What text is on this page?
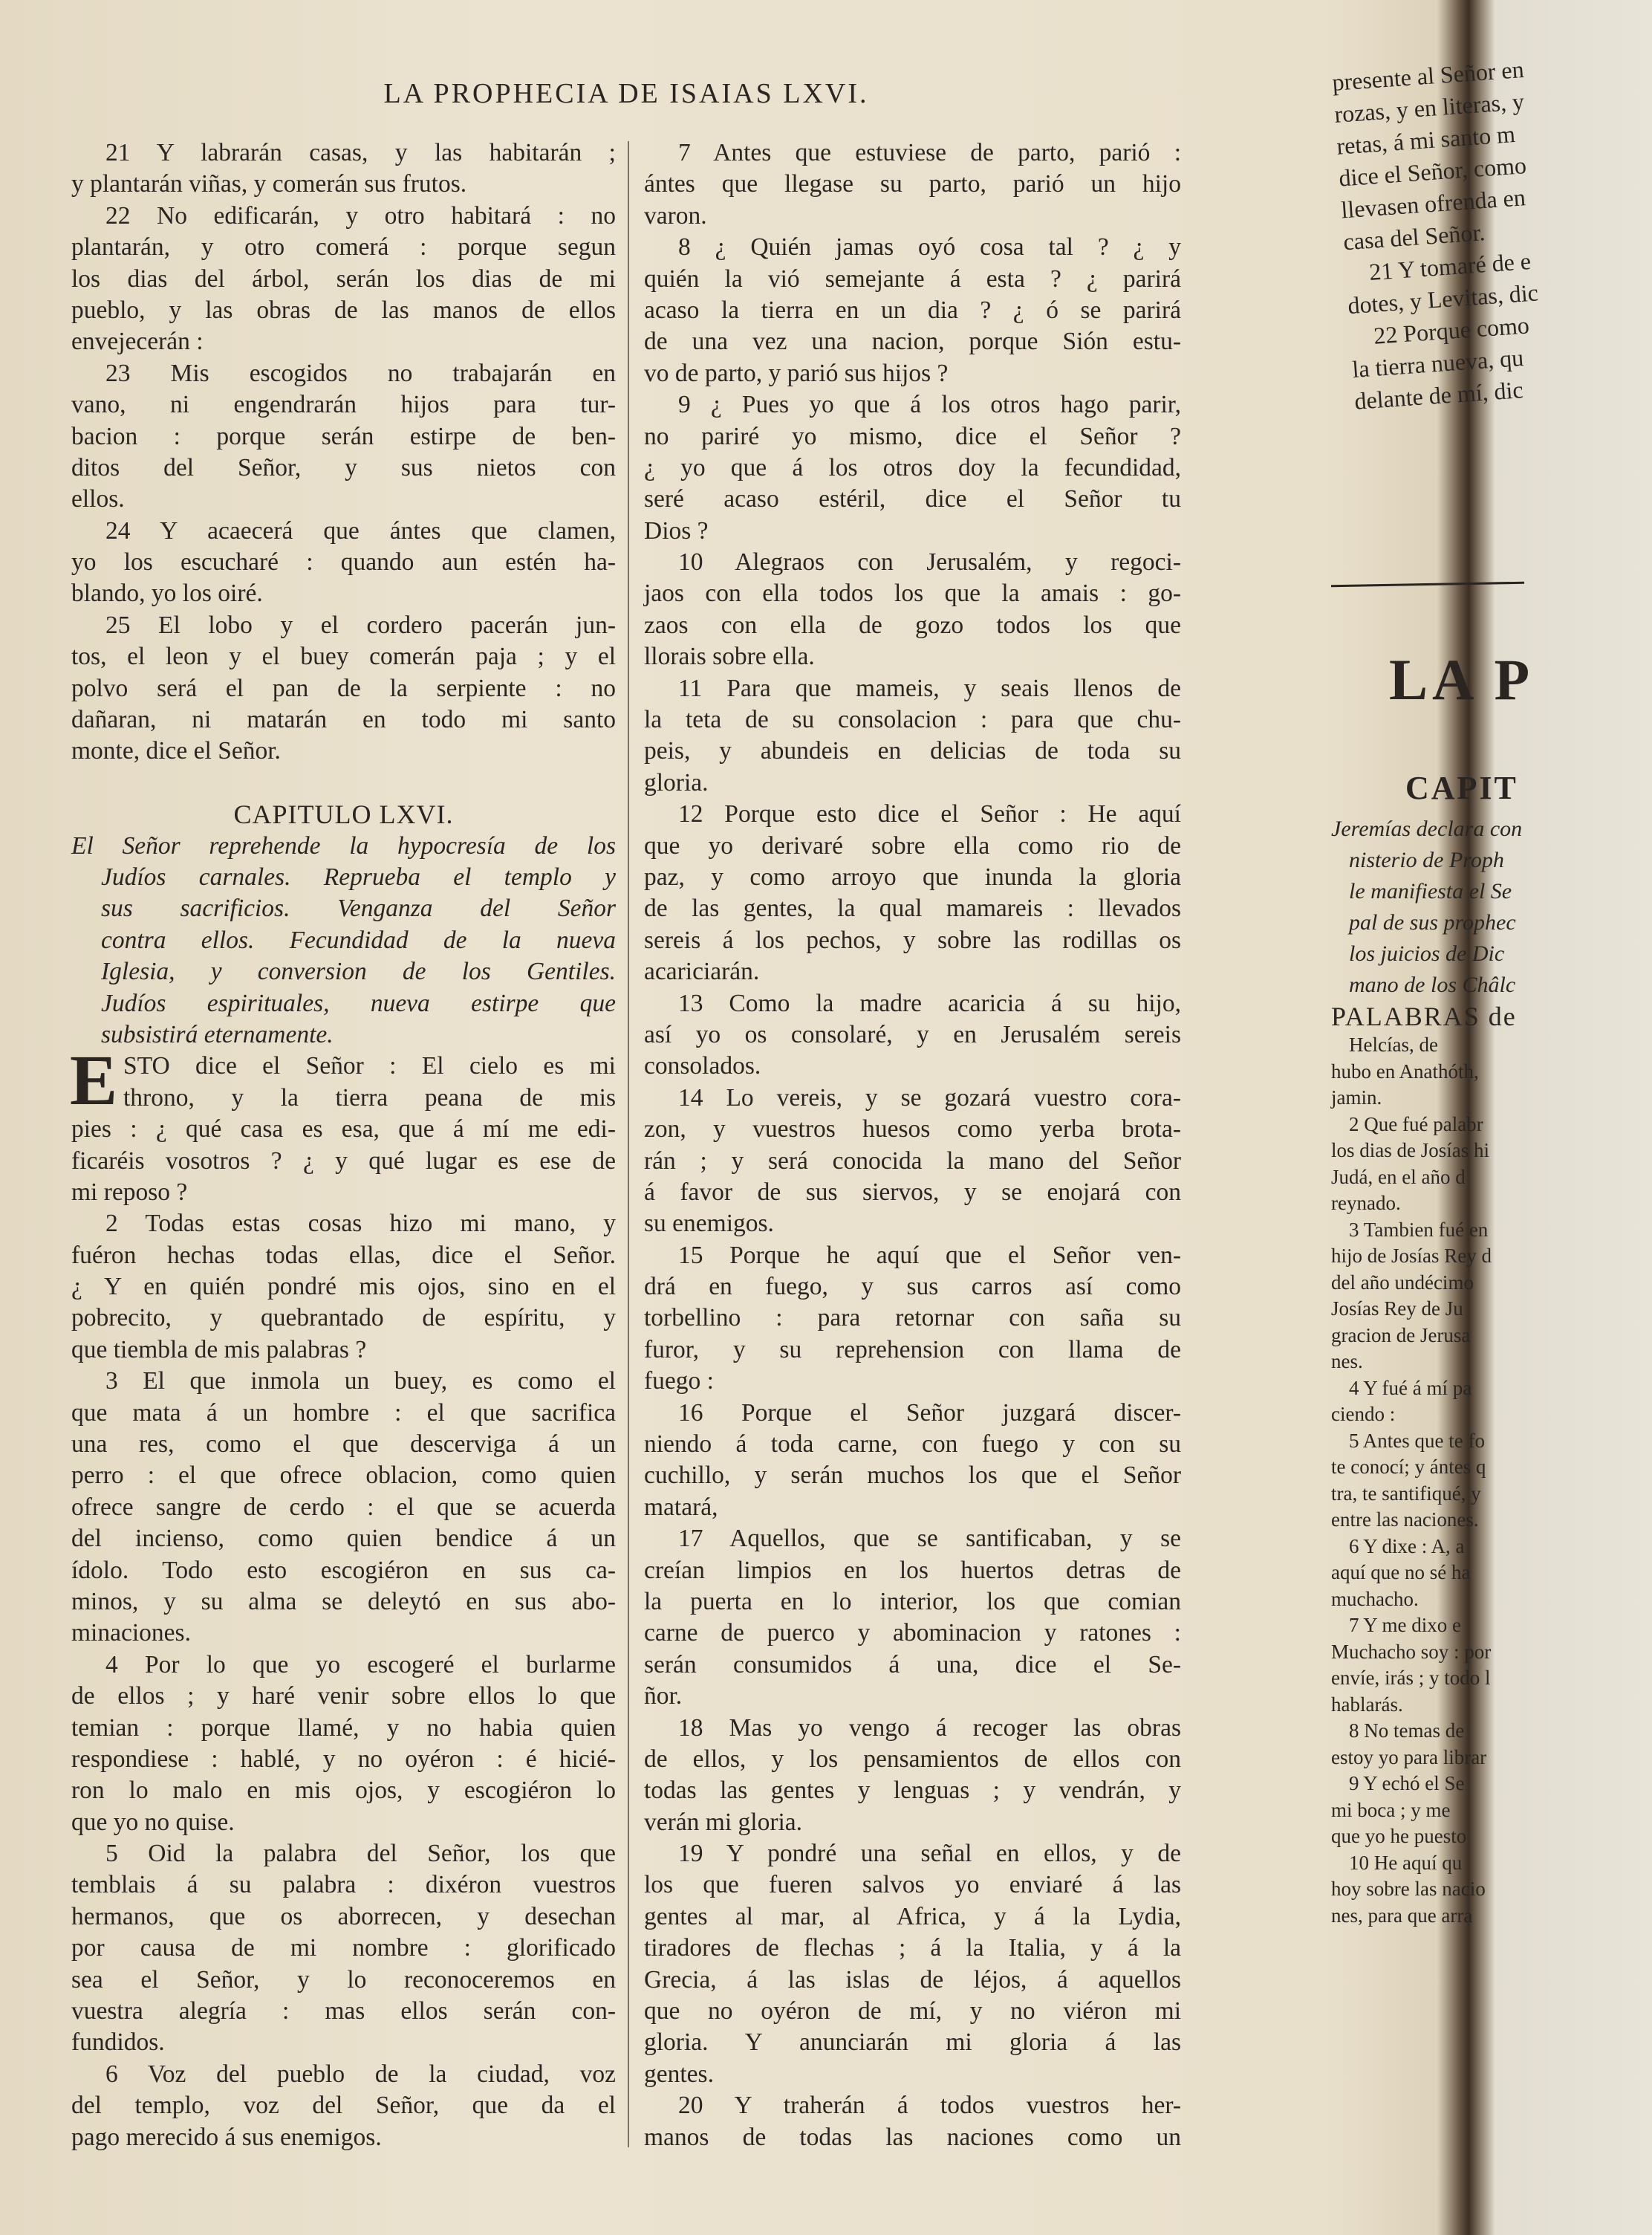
LA PROPHECIA DE ISAIAS LXVI.
21 Y labrarán casas, y las habitarán ;
y plantarán viñas, y comerán sus frutos.
22 No edificarán, y otro habitará : no
plantarán, y otro comerá : porque segun
los dias del árbol, serán los dias de mi
pueblo, y las obras de las manos de ellos
envejecerán :
23 Mis escogidos no trabajarán en
vano, ni engendrarán hijos para tur-
bacion : porque serán estirpe de ben-
ditos del Señor, y sus nietos con
ellos.
24 Y acaecerá que ántes que clamen,
yo los escucharé : quando aun estén ha-
blando, yo los oiré.
25 El lobo y el cordero pacerán jun-
tos, el leon y el buey comerán paja ; y el
polvo será el pan de la serpiente : no
dañaran, ni matarán en todo mi santo
monte, dice el Señor.
CAPITULO LXVI.
El Señor reprehende la hypocresía de los
Judíos carnales. Reprueba el templo y
sus sacrificios. Venganza del Señor
contra ellos. Fecundidad de la nueva
Iglesia, y conversion de los Gentiles.
Judíos espirituales, nueva estirpe que
subsistirá eternamente.
E STO dice el Señor : El cielo es mi
throno, y la tierra peana de mis
pies : ¿ qué casa es esa, que á mí me edi-
ficaréis vosotros ? ¿ y qué lugar es ese de
mi reposo ?
2 Todas estas cosas hizo mi mano, y
fuéron hechas todas ellas, dice el Señor.
¿ Y en quién pondré mis ojos, sino en el
pobrecito, y quebrantado de espíritu, y
que tiembla de mis palabras ?
3 El que inmola un buey, es como el
que mata á un hombre : el que sacrifica
una res, como el que descerviga á un
perro : el que ofrece oblacion, como quien
ofrece sangre de cerdo : el que se acuerda
del incienso, como quien bendice á un
ídolo. Todo esto escogiéron en sus ca-
minos, y su alma se deleytó en sus abo-
minaciones.
4 Por lo que yo escogeré el burlarme
de ellos ; y haré venir sobre ellos lo que
temian : porque llamé, y no habia quien
respondiese : hablé, y no oyéron : é hicié-
ron lo malo en mis ojos, y escogiéron lo
que yo no quise.
5 Oid la palabra del Señor, los que
temblais á su palabra : dixéron vuestros
hermanos, que os aborrecen, y desechan
por causa de mi nombre : glorificado
sea el Señor, y lo reconoceremos en
vuestra alegría : mas ellos serán con-
fundidos.
6 Voz del pueblo de la ciudad, voz
del templo, voz del Señor, que da el
pago merecido á sus enemigos.
7 Antes que estuviese de parto, parió :
ántes que llegase su parto, parió un hijo
varon.
8 ¿ Quién jamas oyó cosa tal ? ¿ y
quién la vió semejante á esta ? ¿ parirá
acaso la tierra en un dia ? ¿ ó se parirá
de una vez una nacion, porque Sión estu-
vo de parto, y parió sus hijos ?
9 ¿ Pues yo que á los otros hago parir,
no pariré yo mismo, dice el Señor ?
¿ yo que á los otros doy la fecundidad,
seré acaso estéril, dice el Señor tu
Dios ?
10 Alegraos con Jerusalém, y regoci-
jaos con ella todos los que la amais : go-
zaos con ella de gozo todos los que
llorais sobre ella.
11 Para que mameis, y seais llenos de
la teta de su consolacion : para que chu-
peis, y abundeis en delicias de toda su
gloria.
12 Porque esto dice el Señor : He aquí
que yo derivaré sobre ella como rio de
paz, y como arroyo que inunda la gloria
de las gentes, la qual mamareis : llevados
sereis á los pechos, y sobre las rodillas os
acariciarán.
13 Como la madre acaricia á su hijo,
así yo os consolaré, y en Jerusalém sereis
consolados.
14 Lo vereis, y se gozará vuestro cora-
zon, y vuestros huesos como yerba brota-
rán ; y será conocida la mano del Señor
á favor de sus siervos, y se enojará con
su enemigos.
15 Porque he aquí que el Señor ven-
drá en fuego, y sus carros así como
torbellino : para retornar con saña su
furor, y su reprehension con llama de
fuego :
16 Porque el Señor juzgará discer-
niendo á toda carne, con fuego y con su
cuchillo, y serán muchos los que el Señor
matará,
17 Aquellos, que se santificaban, y se
creían limpios en los huertos detras de
la puerta en lo interior, los que comian
carne de puerco y abominacion y ratones :
serán consumidos á una, dice el Se-
ñor.
18 Mas yo vengo á recoger las obras
de ellos, y los pensamientos de ellos con
todas las gentes y lenguas ; y vendrán, y
verán mi gloria.
19 Y pondré una señal en ellos, y de
los que fueren salvos yo enviaré á las
gentes al mar, al Africa, y á la Lydia,
tiradores de flechas ; á la Italia, y á la
Grecia, á las islas de léjos, á aquellos
que no oyéron de mí, y no viéron mi
gloria. Y anunciarán mi gloria á las
gentes.
20 Y traherán á todos vuestros her-
manos de todas las naciones como un
presente al Señor en
rozas, y en literas, y
retas, á mi santo m
dice el Señor, como
llevasen ofrenda en
casa del Señor.
21 Y tomaré de e
dotes, y Levitas, dic
22 Porque como
la tierra nueva, qu
delante de mí, dic
LA P
CAPIT
Jeremías declara con
nisterio de Proph
le manifiesta el Se
pal de sus prophec
los juicios de Dic
mano de los Châlc
PALABRAS de
Helcías, de
hubo en Anathóth,
jamin.
2 Que fué palabr
los dias de Josías hi
Judá, en el año d
reynado.
3 Tambien fué en
hijo de Josías Rey d
del año undécimo
Josías Rey de Ju
gracion de Jerusa
nes.
4 Y fué á mí pa
ciendo :
5 Antes que te fo
te conocí; y ántes q
tra, te santifiqué, y
entre las naciones.
6 Y dixe : A, a
aquí que no sé ha
muchacho.
7 Y me dixo e
Muchacho soy : por
envíe, irás ; y todo l
hablarás.
8 No temas de
estoy yo para librar
9 Y echó el Se
mi boca ; y me
que yo he puesto
10 He aquí qu
hoy sobre las nacio
nes, para que arra
